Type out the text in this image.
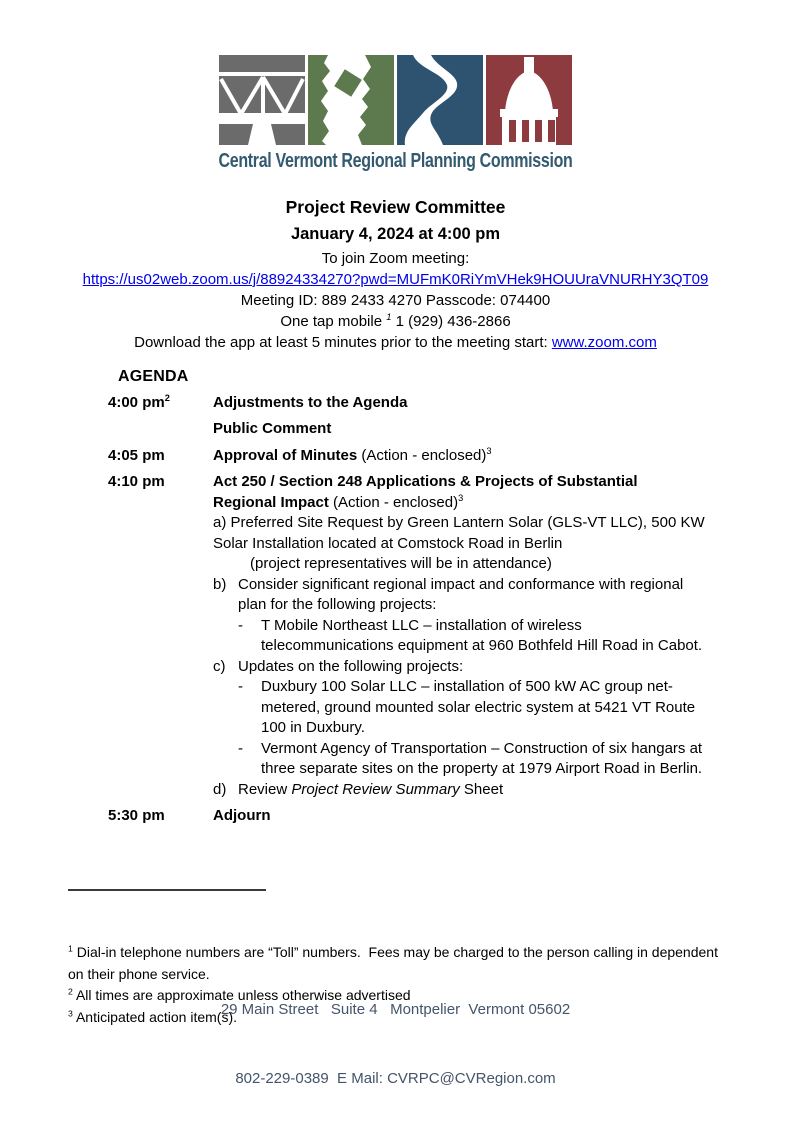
Central Vermont Regional Planning Commission
Project Review Committee
January 4, 2024 at 4:00 pm
To join Zoom meeting:
https://us02web.zoom.us/j/88924334270?pwd=MUFmK0RiYmVHek9HOUUraVNURHY3QT09
Meeting ID: 889 2433 4270 Passcode: 074400
One tap mobile $^1$ 1 (929) 436-2866
Download the app at least 5 minutes prior to the meeting start: www.zoom.com
AGENDA
4:00 $pm^2$	Adjustments to the Agenda
Public Comment
4:05 pm	Approval of Minutes (Action - enclosed)$^3$
4:10 pm	Act 250 / Section 248 Applications & Projects of Substantial Regional Impact (Action - enclosed)$^3$
a) Preferred Site Request by Green Lantern Solar (GLS-VT LLC), 500 KW Solar Installation located at Comstock Road in Berlin
(project representatives will be in attendance)
b) Consider significant regional impact and conformance with regional plan for the following projects:
-	T Mobile Northeast LLC – installation of wireless telecommunications equipment at 960 Bothfeld Hill Road in Cabot.
c) Updates on the following projects:
-	Duxbury 100 Solar LLC – installation of 500 kW AC group net-metered, ground mounted solar electric system at 5421 VT Route 100 in Duxbury.
-	Vermont Agency of Transportation – Construction of six hangars at three separate sites on the property at 1979 Airport Road in Berlin.
d) Review Project Review Summary Sheet
5:30 pm	Adjourn

$^1$ Dial-in telephone numbers are “Toll” numbers.  Fees may be charged to the person calling in dependent on their phone service.
$^2$ All times are approximate unless otherwise advertised
$^3$ Anticipated action item(s).

29 Main Street   Suite 4   Montpelier  Vermont 05602

802-229-0389  E Mail: CVRPC@CVRegion.com
